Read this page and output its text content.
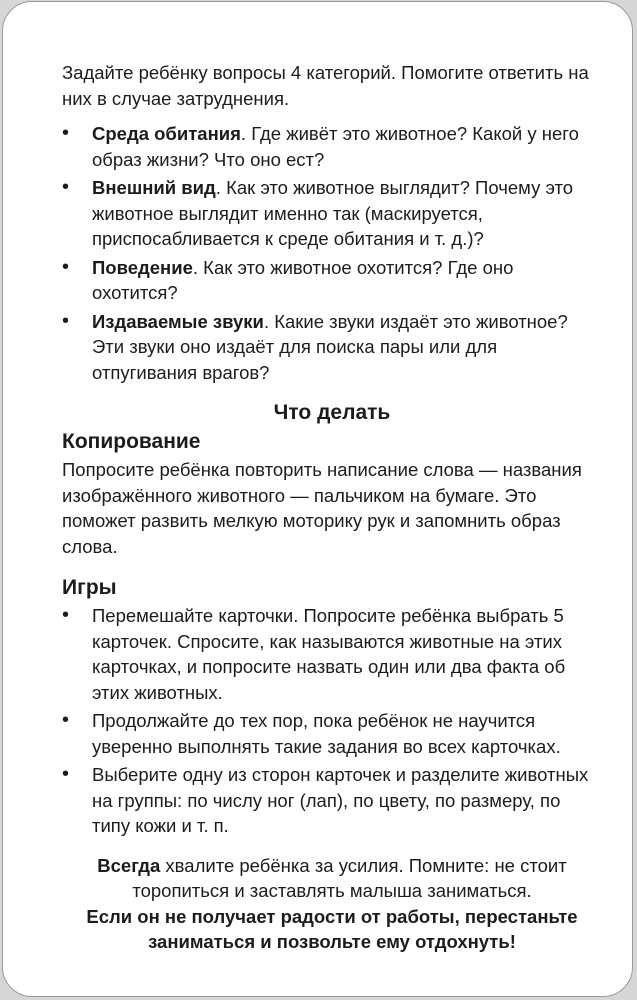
Задайте ребёнку вопросы 4 категорий. Помогите ответить на них в случае затруднения.

• Среда обитания. Где живёт это животное? Какой у него образ жизни? Что оно ест?
• Внешний вид. Как это животное выглядит? Почему это животное выглядит именно так (маскируется, приспосабливается к среде обитания и т. д.)?
• Поведение. Как это животное охотится? Где оно охотится?
• Издаваемые звуки. Какие звуки издаёт это животное? Эти звуки оно издаёт для поиска пары или для отпугивания врагов?
Что делать
Копирование

Попросите ребёнка повторить написание слова — названия изображённого животного — пальчиком на бумаге. Это поможет развить мелкую моторику рук и запомнить образ слова.

Игры
• Перемешайте карточки. Попросите ребёнка выбрать 5 карточек. Спросите, как называются животные на этих карточках, и попросите назвать один или два факта об этих животных.
• Продолжайте до тех пор, пока ребёнок не научится уверенно выполнять такие задания во всех карточках.
• Выберите одну из сторон карточек и разделите животных на группы: по числу ног (лап), по цвету, по размеру, по типу кожи и т. п.

Всегда хвалите ребёнка за усилия. Помните: не стоит торопиться и заставлять малыша заниматься.

Если он не получает радости от работы, перестаньте заниматься и позвольте ему отдохнуть!
